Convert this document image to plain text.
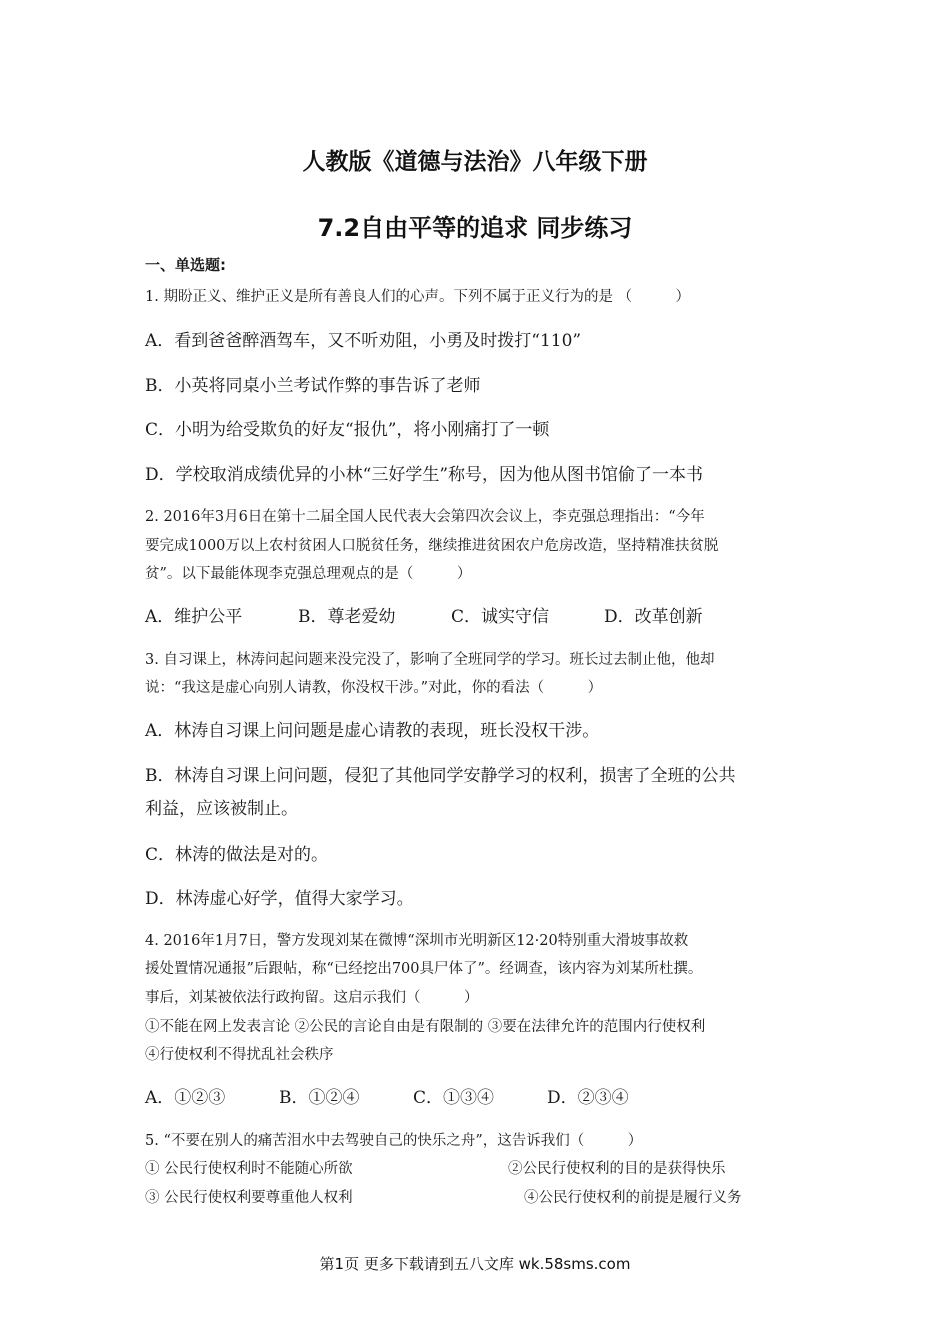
人教版《道德与法治》八年级下册
7.2自由平等的追求 同步练习
一、单选题:
1. 期盼正义、维护正义是所有善良人们的心声。下列不属于正义行为的是 （　　　）
A．看到爸爸醉酒驾车，又不听劝阻，小勇及时拨打“110”
B．小英将同桌小兰考试作弊的事告诉了老师
C．小明为给受欺负的好友“报仇”，将小刚痛打了一顿
D．学校取消成绩优异的小林“三好学生”称号，因为他从图书馆偷了一本书
2. 2016年3月6日在第十二届全国人民代表大会第四次会议上，李克强总理指出：“今年
要完成1000万以上农村贫困人口脱贫任务，继续推进贫困农户危房改造，坚持精准扶贫脱
贫”。以下最能体现李克强总理观点的是（　　　）
A．维护公平	B．尊老爱幼	C．诚实守信	D．改革创新
3. 自习课上，林涛问起问题来没完没了，影响了全班同学的学习。班长过去制止他，他却
说：“我这是虚心向别人请教，你没权干涉。”对此，你的看法（　　　）
A．林涛自习课上问问题是虚心请教的表现，班长没权干涉。
B．林涛自习课上问问题，侵犯了其他同学安静学习的权利，损害了全班的公共
利益，应该被制止。
C．林涛的做法是对的。
D．林涛虚心好学，值得大家学习。
4. 2016年1月7日，警方发现刘某在微博“深圳市光明新区12·20特别重大滑坡事故救
援处置情况通报”后跟帖，称“已经挖出700具尸体了”。经调查，该内容为刘某所杜撰。
事后，刘某被依法行政拘留。这启示我们（　　　）
①不能在网上发表言论 ②公民的言论自由是有限制的 ③要在法律允许的范围内行使权利
④行使权利不得扰乱社会秩序
A．①②③	B．①②④	C．①③④	D．②③④
5. “不要在别人的痛苦泪水中去驾驶自己的快乐之舟”，这告诉我们（　　　）
① 公民行使权利时不能随心所欲	②公民行使权利的目的是获得快乐
③ 公民行使权利要尊重他人权利	④公民行使权利的前提是履行义务
第1页 更多下载请到五八文库 wk.58sms.com
